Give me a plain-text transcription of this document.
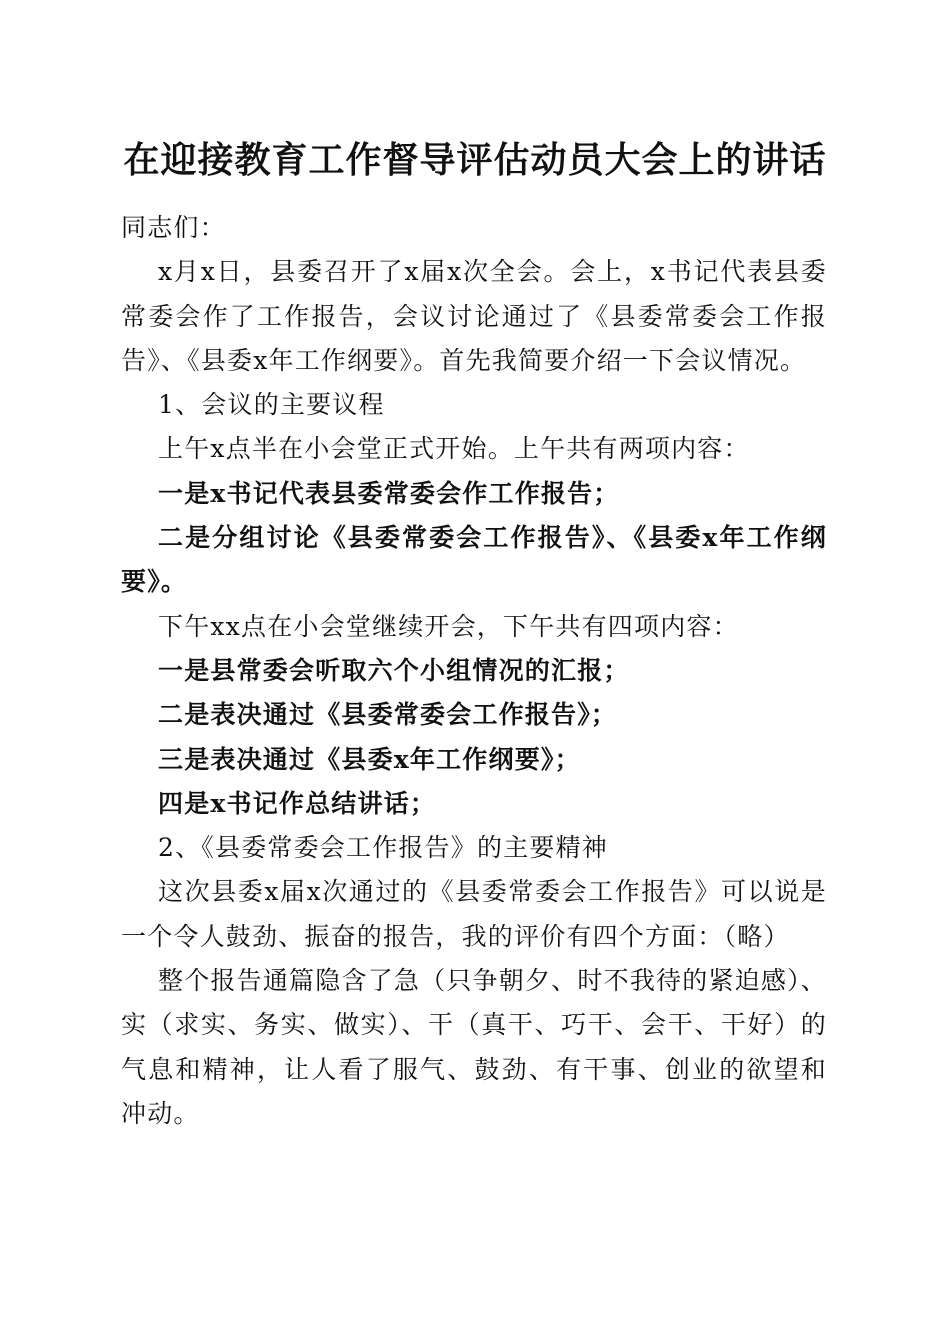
在迎接教育工作督导评估动员大会上的讲话

同志们：

x月x日，县委召开了x届x次全会。会上，x书记代表县委常委会作了工作报告，会议讨论通过了《县委常委会工作报告》、《县委x年工作纲要》。首先我简要介绍一下会议情况。

1、会议的主要议程

上午x点半在小会堂正式开始。上午共有两项内容：

一是x书记代表县委常委会作工作报告；

二是分组讨论《县委常委会工作报告》、《县委x年工作纲要》。

下午xx点在小会堂继续开会，下午共有四项内容：

一是县常委会听取六个小组情况的汇报；

二是表决通过《县委常委会工作报告》；

三是表决通过《县委x年工作纲要》；

四是x书记作总结讲话；

2、《县委常委会工作报告》的主要精神

这次县委x届x次通过的《县委常委会工作报告》可以说是一个令人鼓劲、振奋的报告，我的评价有四个方面：（略）

整个报告通篇隐含了急（只争朝夕、时不我待的紧迫感）、实（求实、务实、做实）、干（真干、巧干、会干、干好）的气息和精神，让人看了服气、鼓劲、有干事、创业的欲望和冲动。
